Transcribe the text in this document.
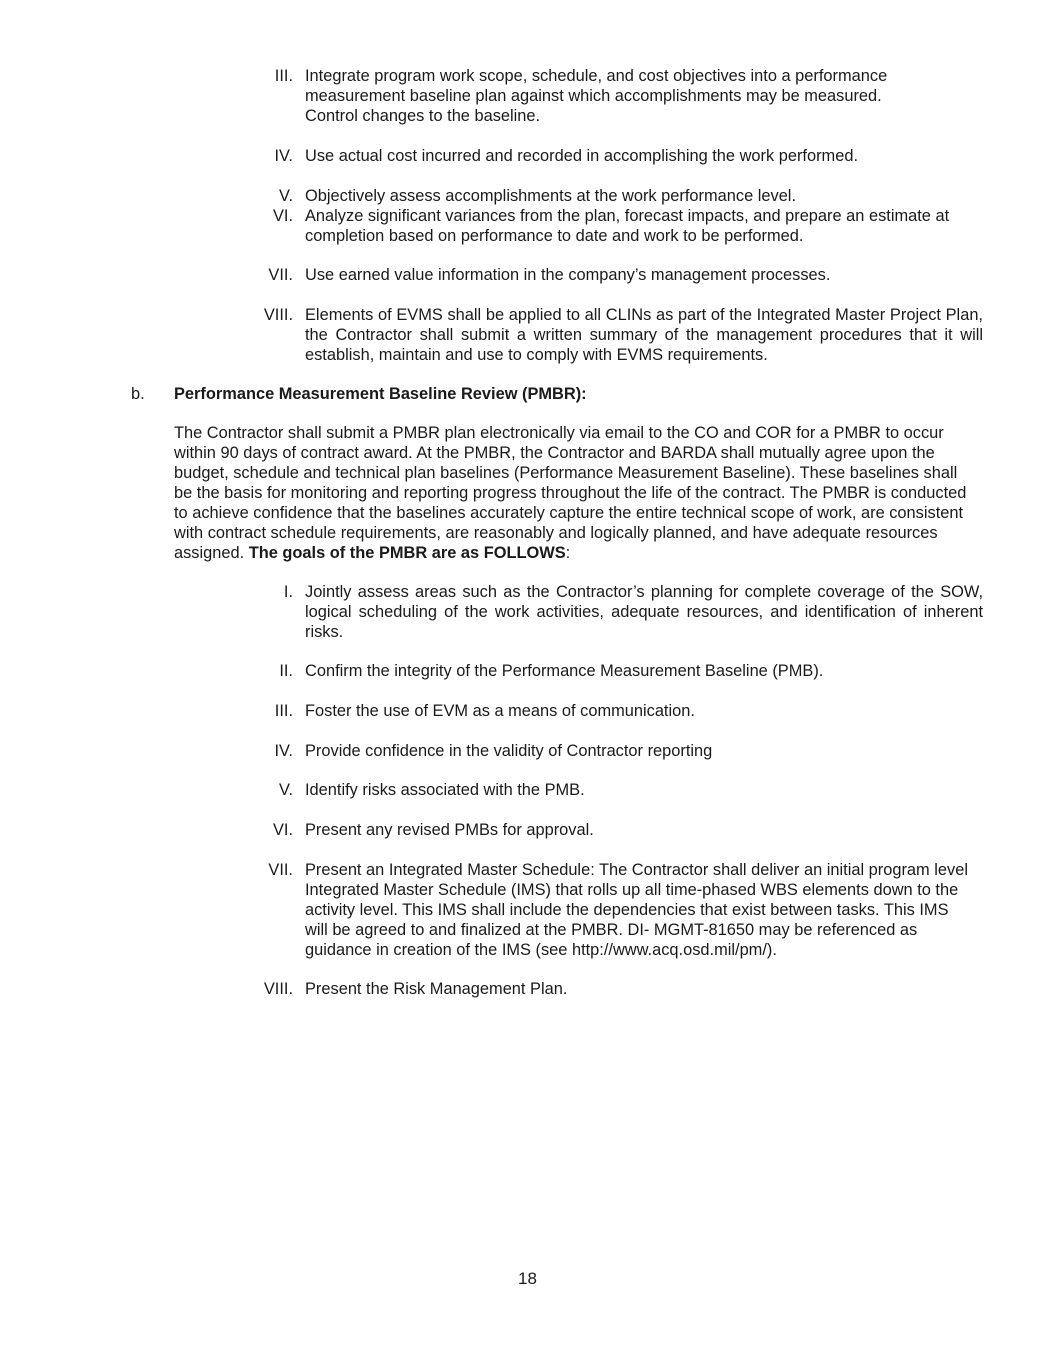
III. Integrate program work scope, schedule, and cost objectives into a performance measurement baseline plan against which accomplishments may be measured. Control changes to the baseline.
IV. Use actual cost incurred and recorded in accomplishing the work performed.
V. Objectively assess accomplishments at the work performance level.
VI. Analyze significant variances from the plan, forecast impacts, and prepare an estimate at completion based on performance to date and work to be performed.
VII. Use earned value information in the company’s management processes.
VIII. Elements of EVMS shall be applied to all CLINs as part of the Integrated Master Project Plan, the Contractor shall submit a written summary of the management procedures that it will establish, maintain and use to comply with EVMS requirements.
b. Performance Measurement Baseline Review (PMBR):
The Contractor shall submit a PMBR plan electronically via email to the CO and COR for a PMBR to occur within 90 days of contract award. At the PMBR, the Contractor and BARDA shall mutually agree upon the budget, schedule and technical plan baselines (Performance Measurement Baseline). These baselines shall be the basis for monitoring and reporting progress throughout the life of the contract. The PMBR is conducted to achieve confidence that the baselines accurately capture the entire technical scope of work, are consistent with contract schedule requirements, are reasonably and logically planned, and have adequate resources assigned. The goals of the PMBR are as FOLLOWS:
I. Jointly assess areas such as the Contractor’s planning for complete coverage of the SOW, logical scheduling of the work activities, adequate resources, and identification of inherent risks.
II. Confirm the integrity of the Performance Measurement Baseline (PMB).
III. Foster the use of EVM as a means of communication.
IV. Provide confidence in the validity of Contractor reporting
V. Identify risks associated with the PMB.
VI. Present any revised PMBs for approval.
VII. Present an Integrated Master Schedule: The Contractor shall deliver an initial program level Integrated Master Schedule (IMS) that rolls up all time-phased WBS elements down to the activity level. This IMS shall include the dependencies that exist between tasks. This IMS will be agreed to and finalized at the PMBR. DI- MGMT-81650 may be referenced as guidance in creation of the IMS (see http://www.acq.osd.mil/pm/).
VIII. Present the Risk Management Plan.
18
